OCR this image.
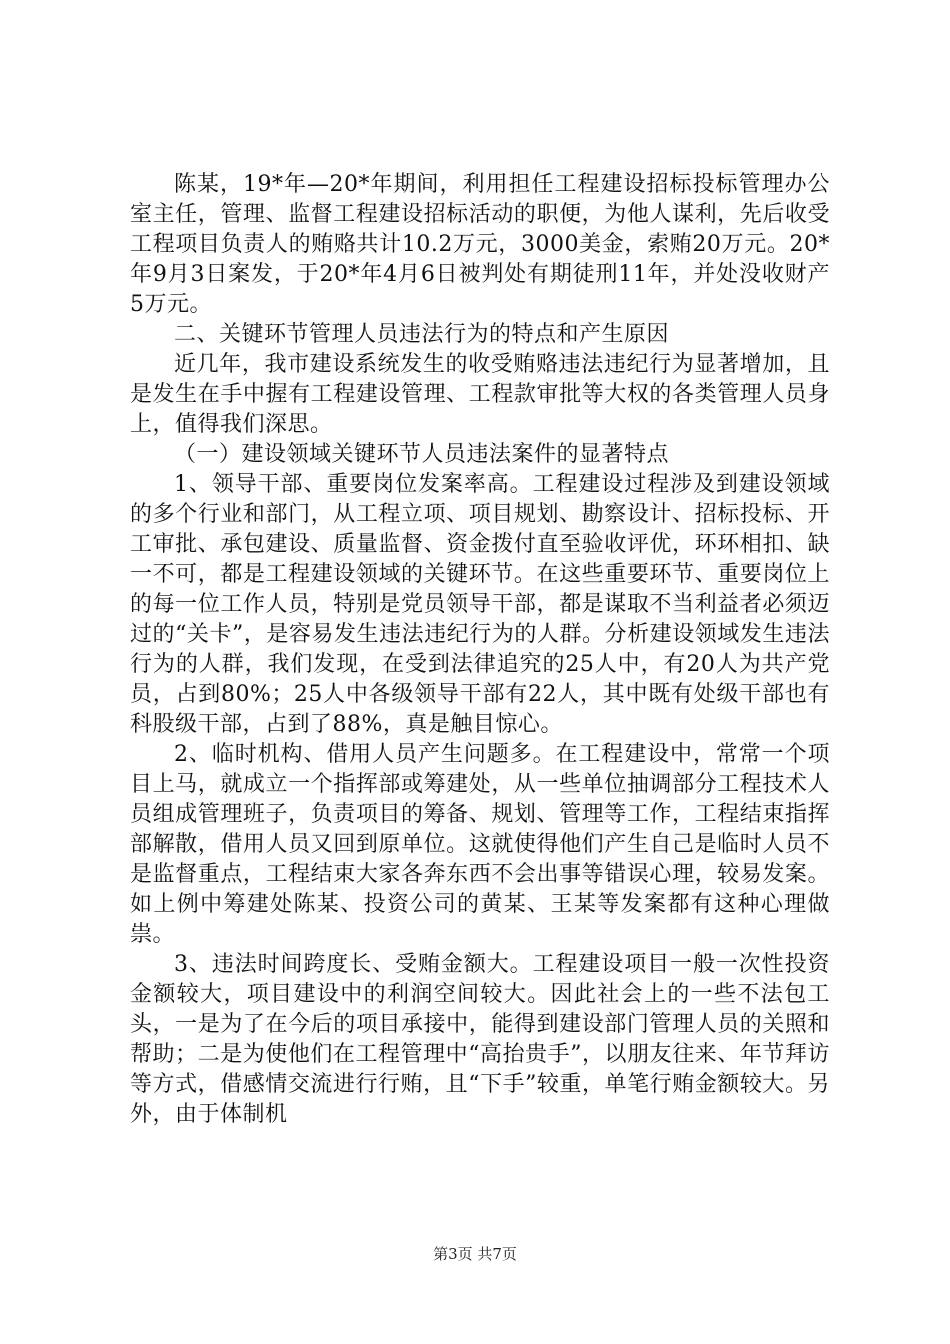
陈某，19*年—20*年期间，利用担任工程建设招标投标管理办公室主任，管理、监督工程建设招标活动的职便，为他人谋利，先后收受工程项目负责人的贿赂共计10.2万元，3000美金，索贿20万元。20*年9月3日案发，于20*年4月6日被判处有期徒刑11年，并处没收财产5万元。

二、关键环节管理人员违法行为的特点和产生原因

近几年，我市建设系统发生的收受贿赂违法违纪行为显著增加，且是发生在手中握有工程建设管理、工程款审批等大权的各类管理人员身上，值得我们深思。

（一）建设领域关键环节人员违法案件的显著特点

1、领导干部、重要岗位发案率高。工程建设过程涉及到建设领域的多个行业和部门，从工程立项、项目规划、勘察设计、招标投标、开工审批、承包建设、质量监督、资金拨付直至验收评优，环环相扣、缺一不可，都是工程建设领域的关键环节。在这些重要环节、重要岗位上的每一位工作人员，特别是党员领导干部，都是谋取不当利益者必须迈过的“关卡”，是容易发生违法违纪行为的人群。分析建设领域发生违法行为的人群，我们发现，在受到法律追究的25人中，有20人为共产党员，占到80%；25人中各级领导干部有22人，其中既有处级干部也有科股级干部，占到了88%，真是触目惊心。

2、临时机构、借用人员产生问题多。在工程建设中，常常一个项目上马，就成立一个指挥部或筹建处，从一些单位抽调部分工程技术人员组成管理班子，负责项目的筹备、规划、管理等工作，工程结束指挥部解散，借用人员又回到原单位。这就使得他们产生自己是临时人员不是监督重点，工程结束大家各奔东西不会出事等错误心理，较易发案。如上例中筹建处陈某、投资公司的黄某、王某等发案都有这种心理做祟。

3、违法时间跨度长、受贿金额大。工程建设项目一般一次性投资金额较大，项目建设中的利润空间较大。因此社会上的一些不法包工头，一是为了在今后的项目承接中，能得到建设部门管理人员的关照和帮助；二是为使他们在工程管理中“高抬贵手”，以朋友往来、年节拜访等方式，借感情交流进行行贿，且“下手”较重，单笔行贿金额较大。另外，由于体制机

第3页 共7页
